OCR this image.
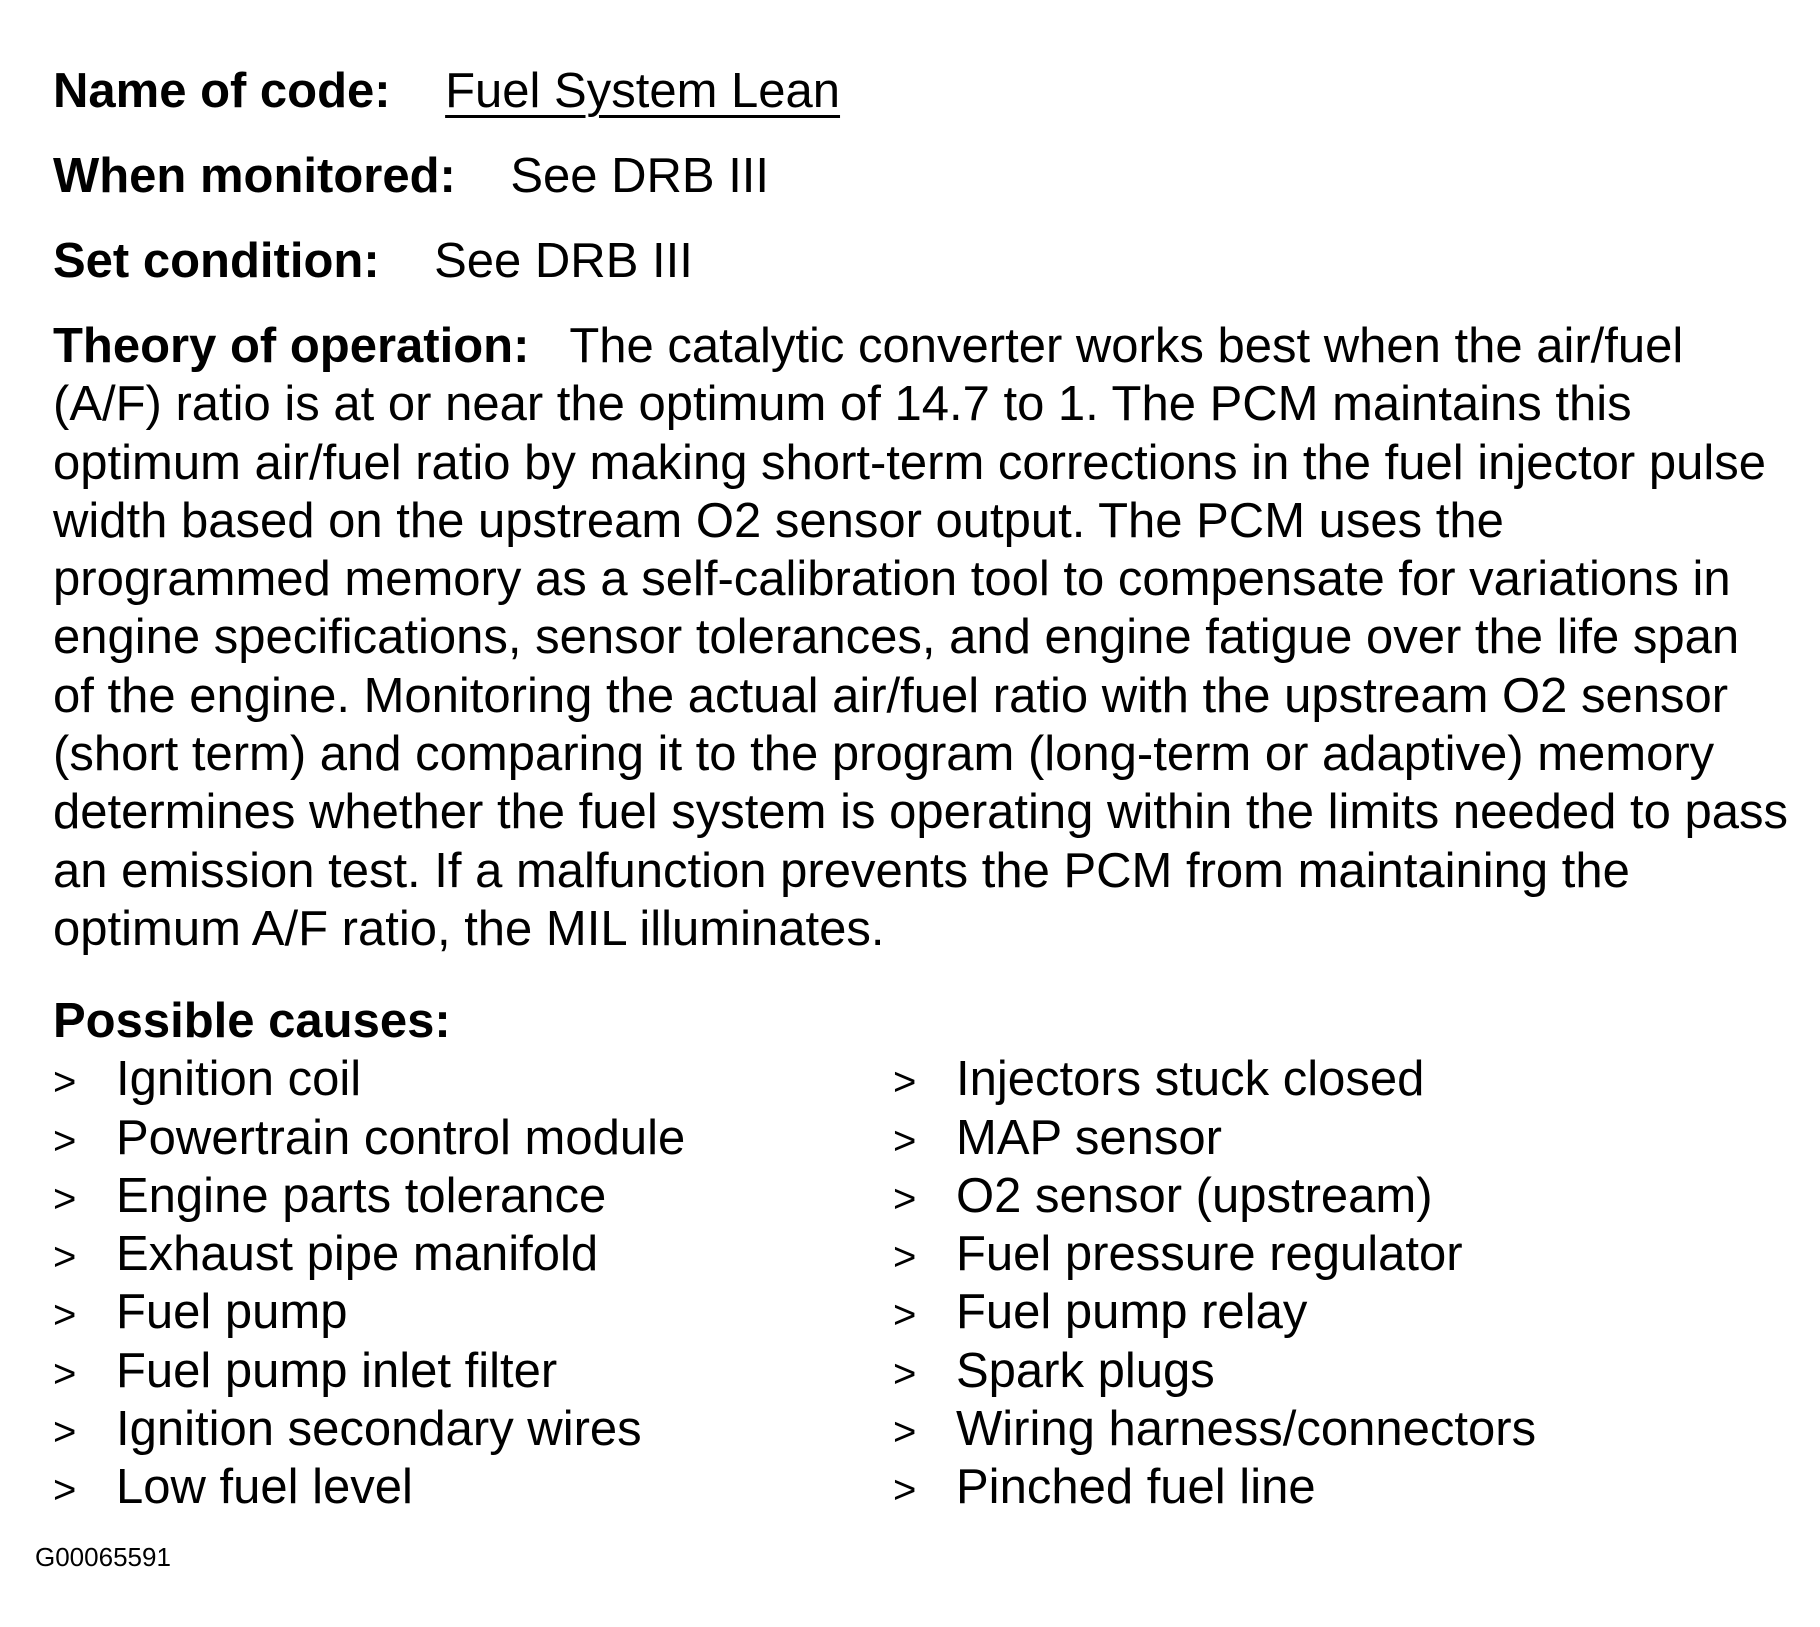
Name of code: Fuel System Lean
When monitored: See DRB III
Set condition: See DRB III
Theory of operation: The catalytic converter works best when the air/fuel (A/F) ratio is at or near the optimum of 14.7 to 1. The PCM maintains this optimum air/fuel ratio by making short-term corrections in the fuel injector pulse width based on the upstream O2 sensor output. The PCM uses the programmed memory as a self-calibration tool to compensate for variations in engine specifications, sensor tolerances, and engine fatigue over the life span of the engine. Monitoring the actual air/fuel ratio with the upstream O2 sensor (short term) and comparing it to the program (long-term or adaptive) memory determines whether the fuel system is operating within the limits needed to pass an emission test. If a malfunction prevents the PCM from maintaining the optimum A/F ratio, the MIL illuminates.
Possible causes:
> Ignition coil
> Powertrain control module
> Engine parts tolerance
> Exhaust pipe manifold
> Fuel pump
> Fuel pump inlet filter
> Ignition secondary wires
> Low fuel level
> Injectors stuck closed
> MAP sensor
> O2 sensor (upstream)
> Fuel pressure regulator
> Fuel pump relay
> Spark plugs
> Wiring harness/connectors
> Pinched fuel line
G00065591
